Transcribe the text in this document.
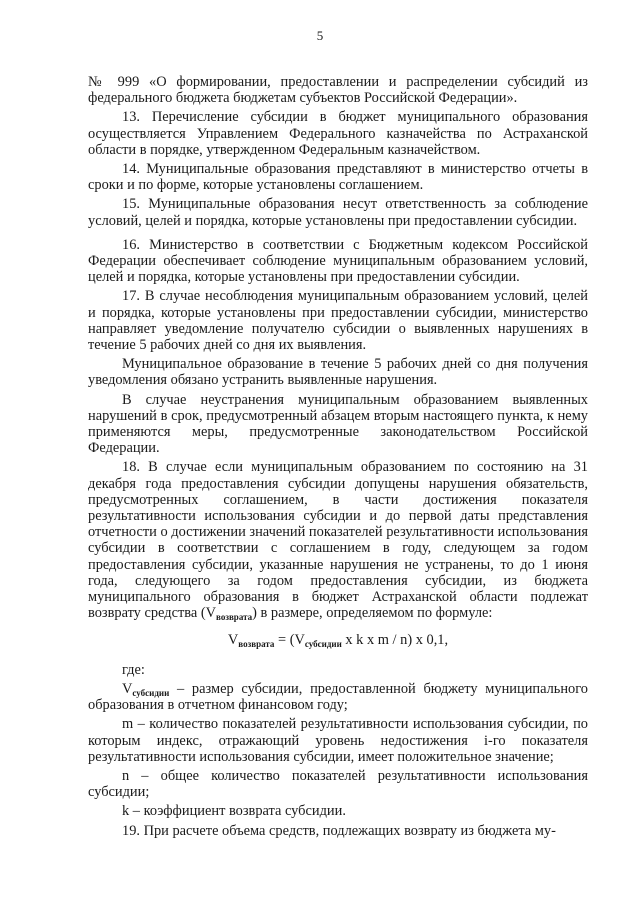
5

№ 999 «О формировании, предоставлении и распределении субсидий из федерального бюджета бюджетам субъектов Российской Федерации».

13. Перечисление субсидии в бюджет муниципального образования осуществляется Управлением Федерального казначейства по Астраханской области в порядке, утвержденном Федеральным казначейством.

14. Муниципальные образования представляют в министерство отчеты в сроки и по форме, которые установлены соглашением.

15. Муниципальные образования несут ответственность за соблюдение условий, целей и порядка, которые установлены при предоставлении субсидии.

16. Министерство в соответствии с Бюджетным кодексом Российской Федерации обеспечивает соблюдение муниципальным образованием условий, целей и порядка, которые установлены при предоставлении субсидии.

17. В случае несоблюдения муниципальным образованием условий, целей и порядка, которые установлены при предоставлении субсидии, министерство направляет уведомление получателю субсидии о выявленных нарушениях в течение 5 рабочих дней со дня их выявления.

Муниципальное образование в течение 5 рабочих дней со дня получения уведомления обязано устранить выявленные нарушения.

В случае неустранения муниципальным образованием выявленных нарушений в срок, предусмотренный абзацем вторым настоящего пункта, к нему применяются меры, предусмотренные законодательством Российской Федерации.

18. В случае если муниципальным образованием по состоянию на 31 декабря года предоставления субсидии допущены нарушения обязательств, предусмотренных соглашением, в части достижения показателя результативности использования субсидии и до первой даты представления отчетности о достижении значений показателей результативности использования субсидии в соответствии с соглашением в году, следующем за годом предоставления субсидии, указанные нарушения не устранены, то до 1 июня года, следующего за годом предоставления субсидии, из бюджета муниципального образования в бюджет Астраханской области подлежат возврату средства $(V_{возврата})$ в размере, определяемом по формуле:

$V_{возврата} = (V_{субсидии}$ x k x m / n) x 0,1,

где:

$V_{субсидии}$ – размер субсидии, предоставленной бюджету муниципального образования в отчетном финансовом году;

m – количество показателей результативности использования субсидии, по которым индекс, отражающий уровень недостижения i-го показателя результативности использования субсидии, имеет положительное значение;

n – общее количество показателей результативности использования субсидии;

k – коэффициент возврата субсидии.

19. При расчете объема средств, подлежащих возврату из бюджета му-
